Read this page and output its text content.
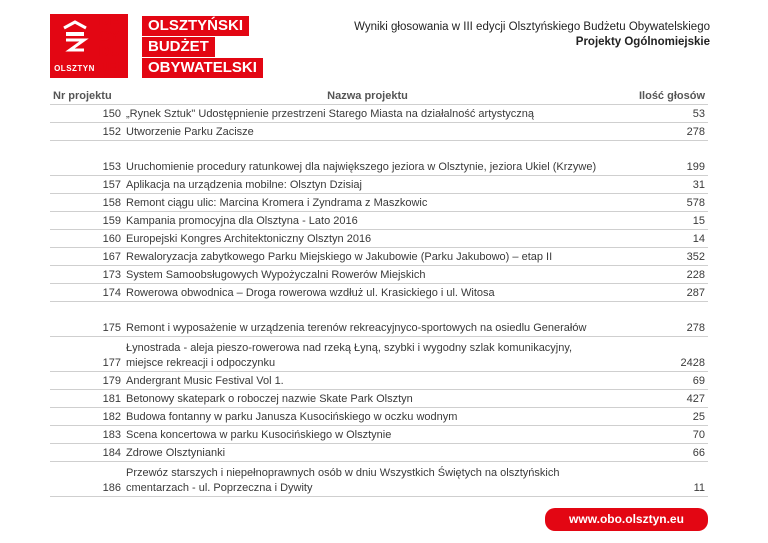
OLSZTYN
DE
CY
DU
JE!
OLSZTYŃSKI
BUDŻET
OBYWATELSKI
Wyniki głosowania w III edycji Olsztyńskiego Budżetu Obywatelskiego
Projekty Ogólnomiejskie
Nr projektu	Nazwa projektu	Ilość głosów
150	„Rynek Sztuk" Udostępnienie przestrzeni Starego Miasta na działalność artystyczną	53
152	Utworzenie Parku Zacisze	278
153	Uruchomienie procedury ratunkowej dla największego jeziora w Olsztynie, jeziora Ukiel (Krzywe)	199
157	Aplikacja na urządzenia mobilne: Olsztyn Dzisiaj	31
158	Remont ciągu ulic: Marcina Kromera i Zyndrama z Maszkowic	578
159	Kampania promocyjna dla Olsztyna - Lato 2016	15
160	Europejski Kongres Architektoniczny Olsztyn 2016	14
167	Rewaloryzacja zabytkowego Parku Miejskiego w Jakubowie (Parku Jakubowo) – etap II	352
173	System Samoobsługowych Wypożyczalni Rowerów Miejskich	228
174	Rowerowa obwodnica – Droga rowerowa wzdłuż ul. Krasickiego i ul. Witosa	287
175	Remont i wyposażenie w urządzenia terenów rekreacyjnyco-sportowych na osiedlu Generałów	278
177	Łynostrada - aleja pieszo-rowerowa nad rzeką Łyną, szybki i wygodny szlak komunikacyjny, miejsce rekreacji i odpoczynku	2428
179	Andergrant Music Festival Vol 1.	69
181	Betonowy skatepark o roboczej nazwie Skate Park Olsztyn	427
182	Budowa fontanny w parku Janusza Kusocińskiego w oczku wodnym	25
183	Scena koncertowa w parku Kusocińskiego w Olsztynie	70
184	Zdrowe Olsztynianki	66
186	Przewóz starszych i niepełnoprawnych osób w dniu Wszystkich Świętych na olsztyńskich cmentarzach - ul. Poprzeczna i Dywity	11
www.obo.olsztyn.eu
